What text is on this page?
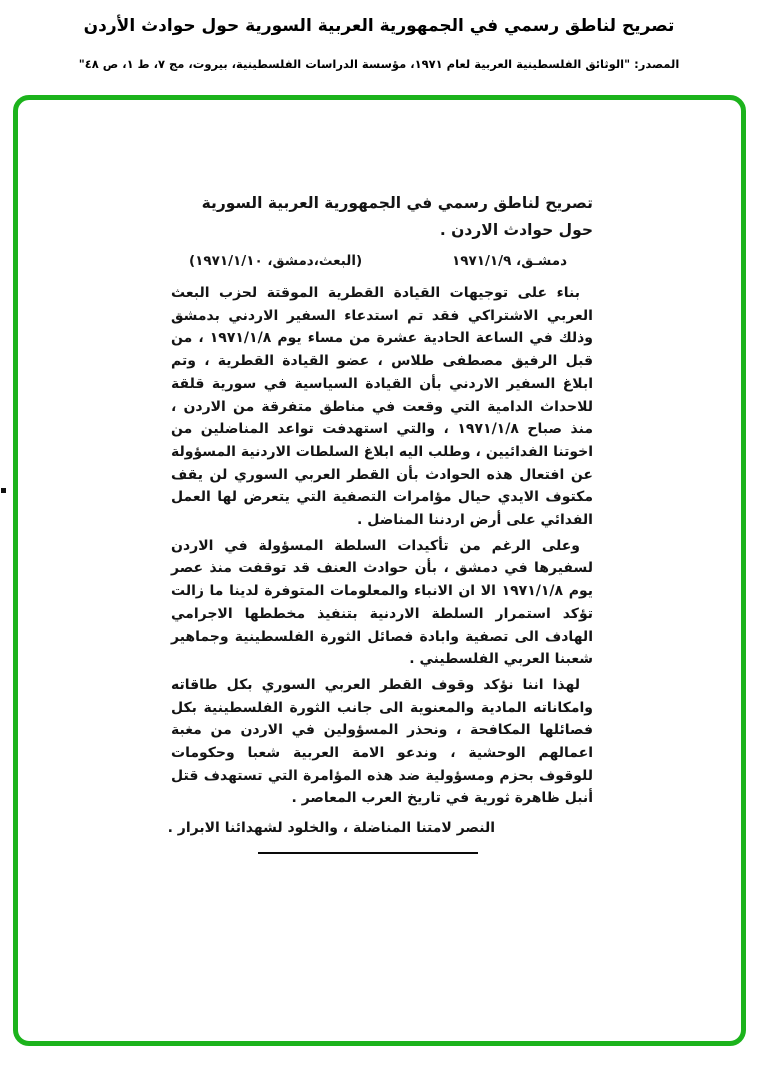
تصريح لناطق رسمي في الجمهورية العربية السورية حول حوادث الأردن
المصدر: "الوثائق الفلسطينية العربية لعام ١٩٧١، مؤسسة الدراسات الفلسطينية، بيروت، مج ٧، ط ١، ص ٤٨"
تصريح لناطق رسمي في الجمهورية العربية السورية حول حوادث الاردن .
دمشـق، ١٩٧١/١/٩
(البعث،دمشق، ١٩٧١/١/١٠)

بناء على توجيهات القيادة القطرية الموقتة لحزب البعث العربي الاشتراكي فقد تم استدعاء السفير الاردني بدمشق وذلك في الساعة الحادية عشرة من مساء يوم ١٩٧١/١/٨ ، من قبل الرفيق مصطفى طلاس ، عضو القيادة القطرية ، وتم ابلاغ السفير الاردني بأن القيادة السياسية في سورية قلقة للاحداث الدامية التي وقعت في مناطق متفرقة من الاردن ، منذ صباح ١٩٧١/١/٨ ، والتي استهدفت تواعد المناضلين من اخوتنا الفدائيين ، وطلب اليه ابلاغ السلطات الاردنية المسؤولة عن افتعال هذه الحوادث بأن القطر العربي السوري لن يقف مكتوف الايدي حيال مؤامرات التصفية التي يتعرض لها العمل الفدائي على أرض اردننا المناضل .

وعلى الرغم من تأكيدات السلطة المسؤولة في الاردن لسفيرها في دمشق ، بأن حوادث العنف قد توقفت منذ عصر يوم ١٩٧١/١/٨ الا ان الانباء والمعلومات المتوفرة لدينا ما زالت تؤكد استمرار السلطة الاردنية بتنفيذ مخططها الاجرامي الهادف الى تصفية وابادة فصائل الثورة الفلسطينية وجماهير شعبنا العربي الفلسطيني .

لهذا اننا نؤكد وقوف القطر العربي السوري بكل طاقاته وامكاناته المادية والمعنوية الى جانب الثورة الفلسطينية بكل فصائلها المكافحة ، ونحذر المسؤولين في الاردن من مغبة اعمالهم الوحشية ، وندعو الامة العربية شعبا وحكومات للوقوف بحزم ومسؤولية ضد هذه المؤامرة التي تستهدف قتل أنبل ظاهرة ثورية في تاريخ العرب المعاصر .

النصر لامتنا المناضلة ، والخلود لشهدائنا الابرار .
